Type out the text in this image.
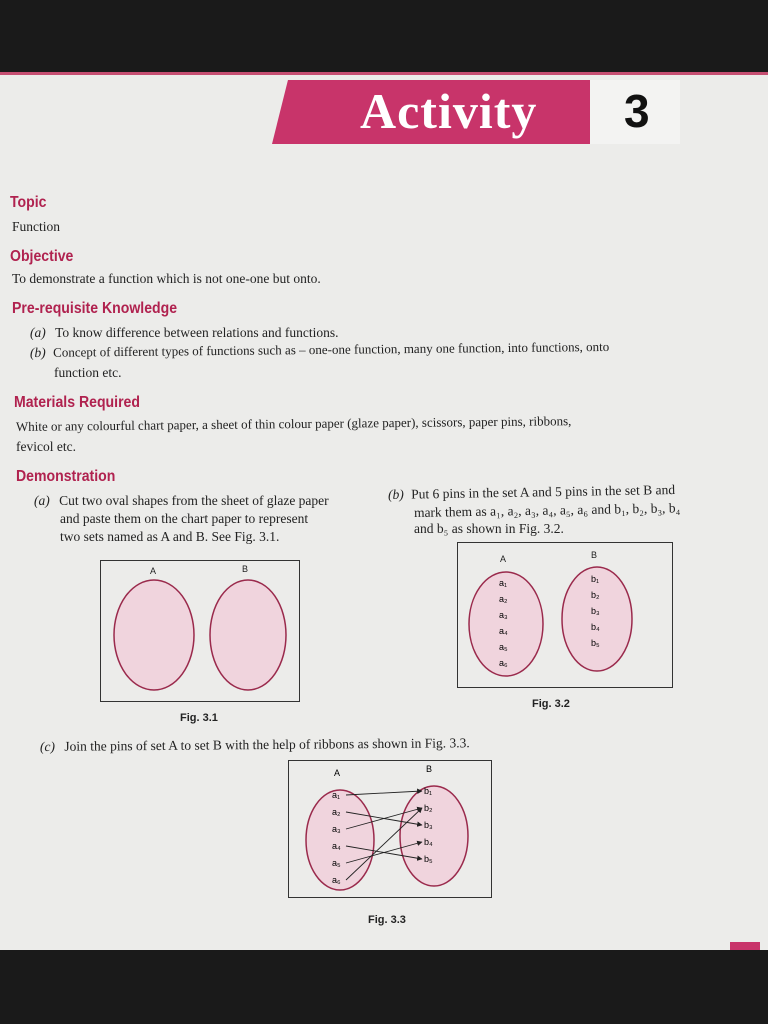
Activity 3
Topic
Function
Objective
To demonstrate a function which is not one-one but onto.
Pre-requisite Knowledge
(a) To know difference between relations and functions.
(b) Concept of different types of functions such as – one-one function, many one function, into functions, onto
function etc.
Materials Required
White or any colourful chart paper, a sheet of thin colour paper (glaze paper), scissors, paper pins, ribbons,
fevicol etc.
Demonstration
(a) Cut two oval shapes from the sheet of glaze paper
and paste them on the chart paper to represent
two sets named as A and B. See Fig. 3.1.
(b) Put 6 pins in the set A and 5 pins in the set B and
mark them as a₁, a₂, a₃, a₄, a₅, a₆ and b₁, b₂, b₃, b₄
and b₅ as shown in Fig. 3.2.
A	B
Fig. 3.1
A	B
a₁
a₂
a₃
a₄
a₅
a₆
b₁
b₂
b₃
b₄
b₅
Fig. 3.2
(c) Join the pins of set A to set B with the help of ribbons as shown in Fig. 3.3.
A	B
a₁
a₂
a₃
a₄
a₅
a₆
b₁
b₂
b₃
b₄
b₅
Fig. 3.3
